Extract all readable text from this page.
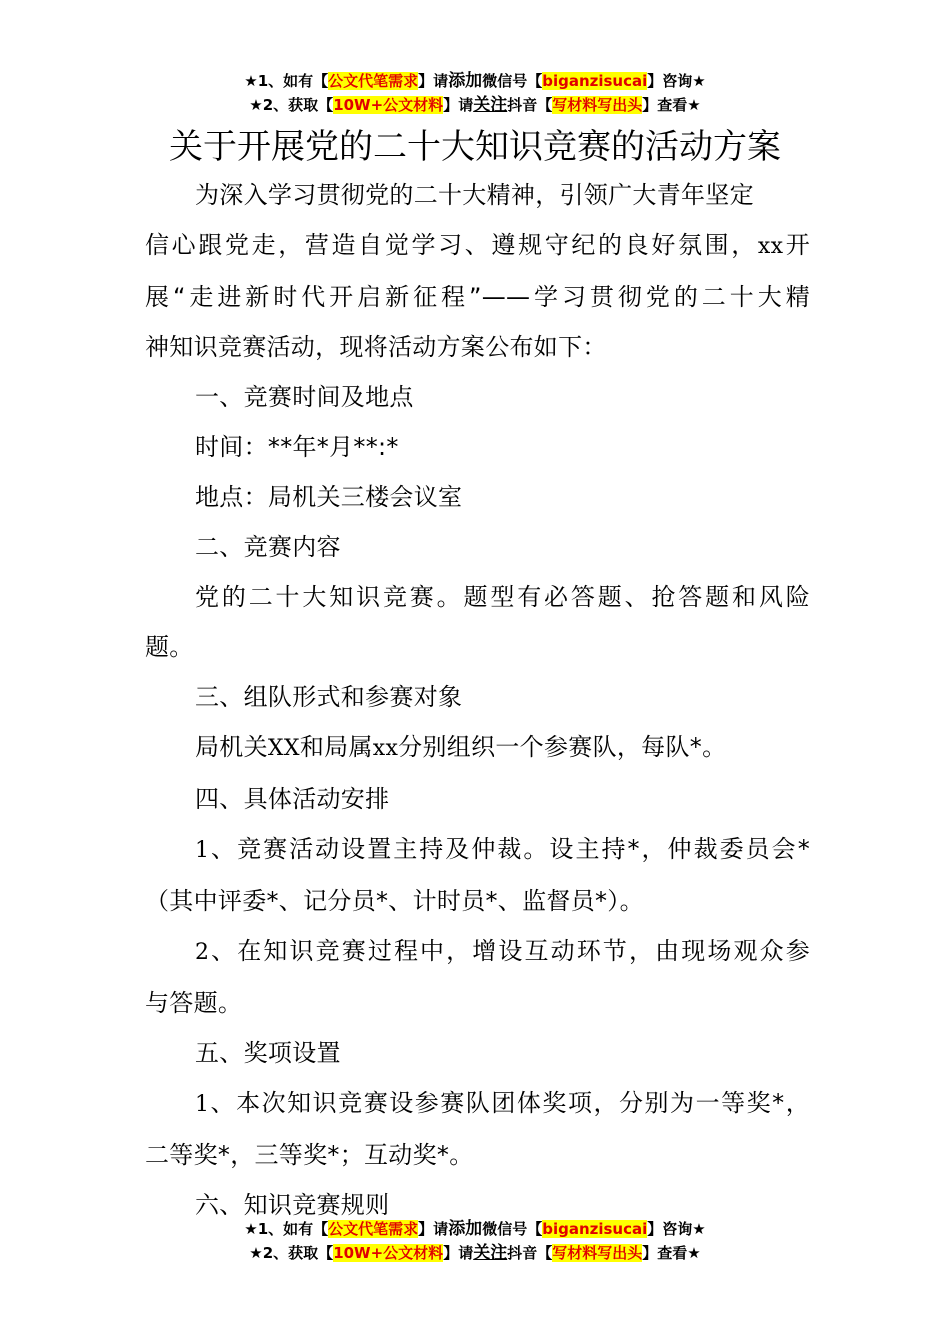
★1、如有【公文代笔需求】请添加微信号【biganzisucai】咨询★
★2、获取【10W+公文材料】请关注抖音【写材料写出头】查看★
关于开展党的二十大知识竞赛的活动方案

为深入学习贯彻党的二十大精神，引领广大青年坚定

信心跟党走，营造自觉学习、遵规守纪的良好氛围，xx开

展“走进新时代开启新征程”——学习贯彻党的二十大精

神知识竞赛活动，现将活动方案公布如下：

一、竞赛时间及地点

时间：**年*月**:*

地点：局机关三楼会议室

二、竞赛内容

党的二十大知识竞赛。题型有必答题、抢答题和风险

题。

三、组队形式和参赛对象

局机关XX和局属xx分别组织一个参赛队，每队*。

四、具体活动安排

1、竞赛活动设置主持及仲裁。设主持*，仲裁委员会*

（其中评委*、记分员*、计时员*、监督员*）。

2、在知识竞赛过程中，增设互动环节，由现场观众参

与答题。

五、奖项设置

1、本次知识竞赛设参赛队团体奖项，分别为一等奖*，

二等奖*，三等奖*；互动奖*。

六、知识竞赛规则

★1、如有【公文代笔需求】请添加微信号【biganzisucai】咨询★
★2、获取【10W+公文材料】请关注抖音【写材料写出头】查看★
